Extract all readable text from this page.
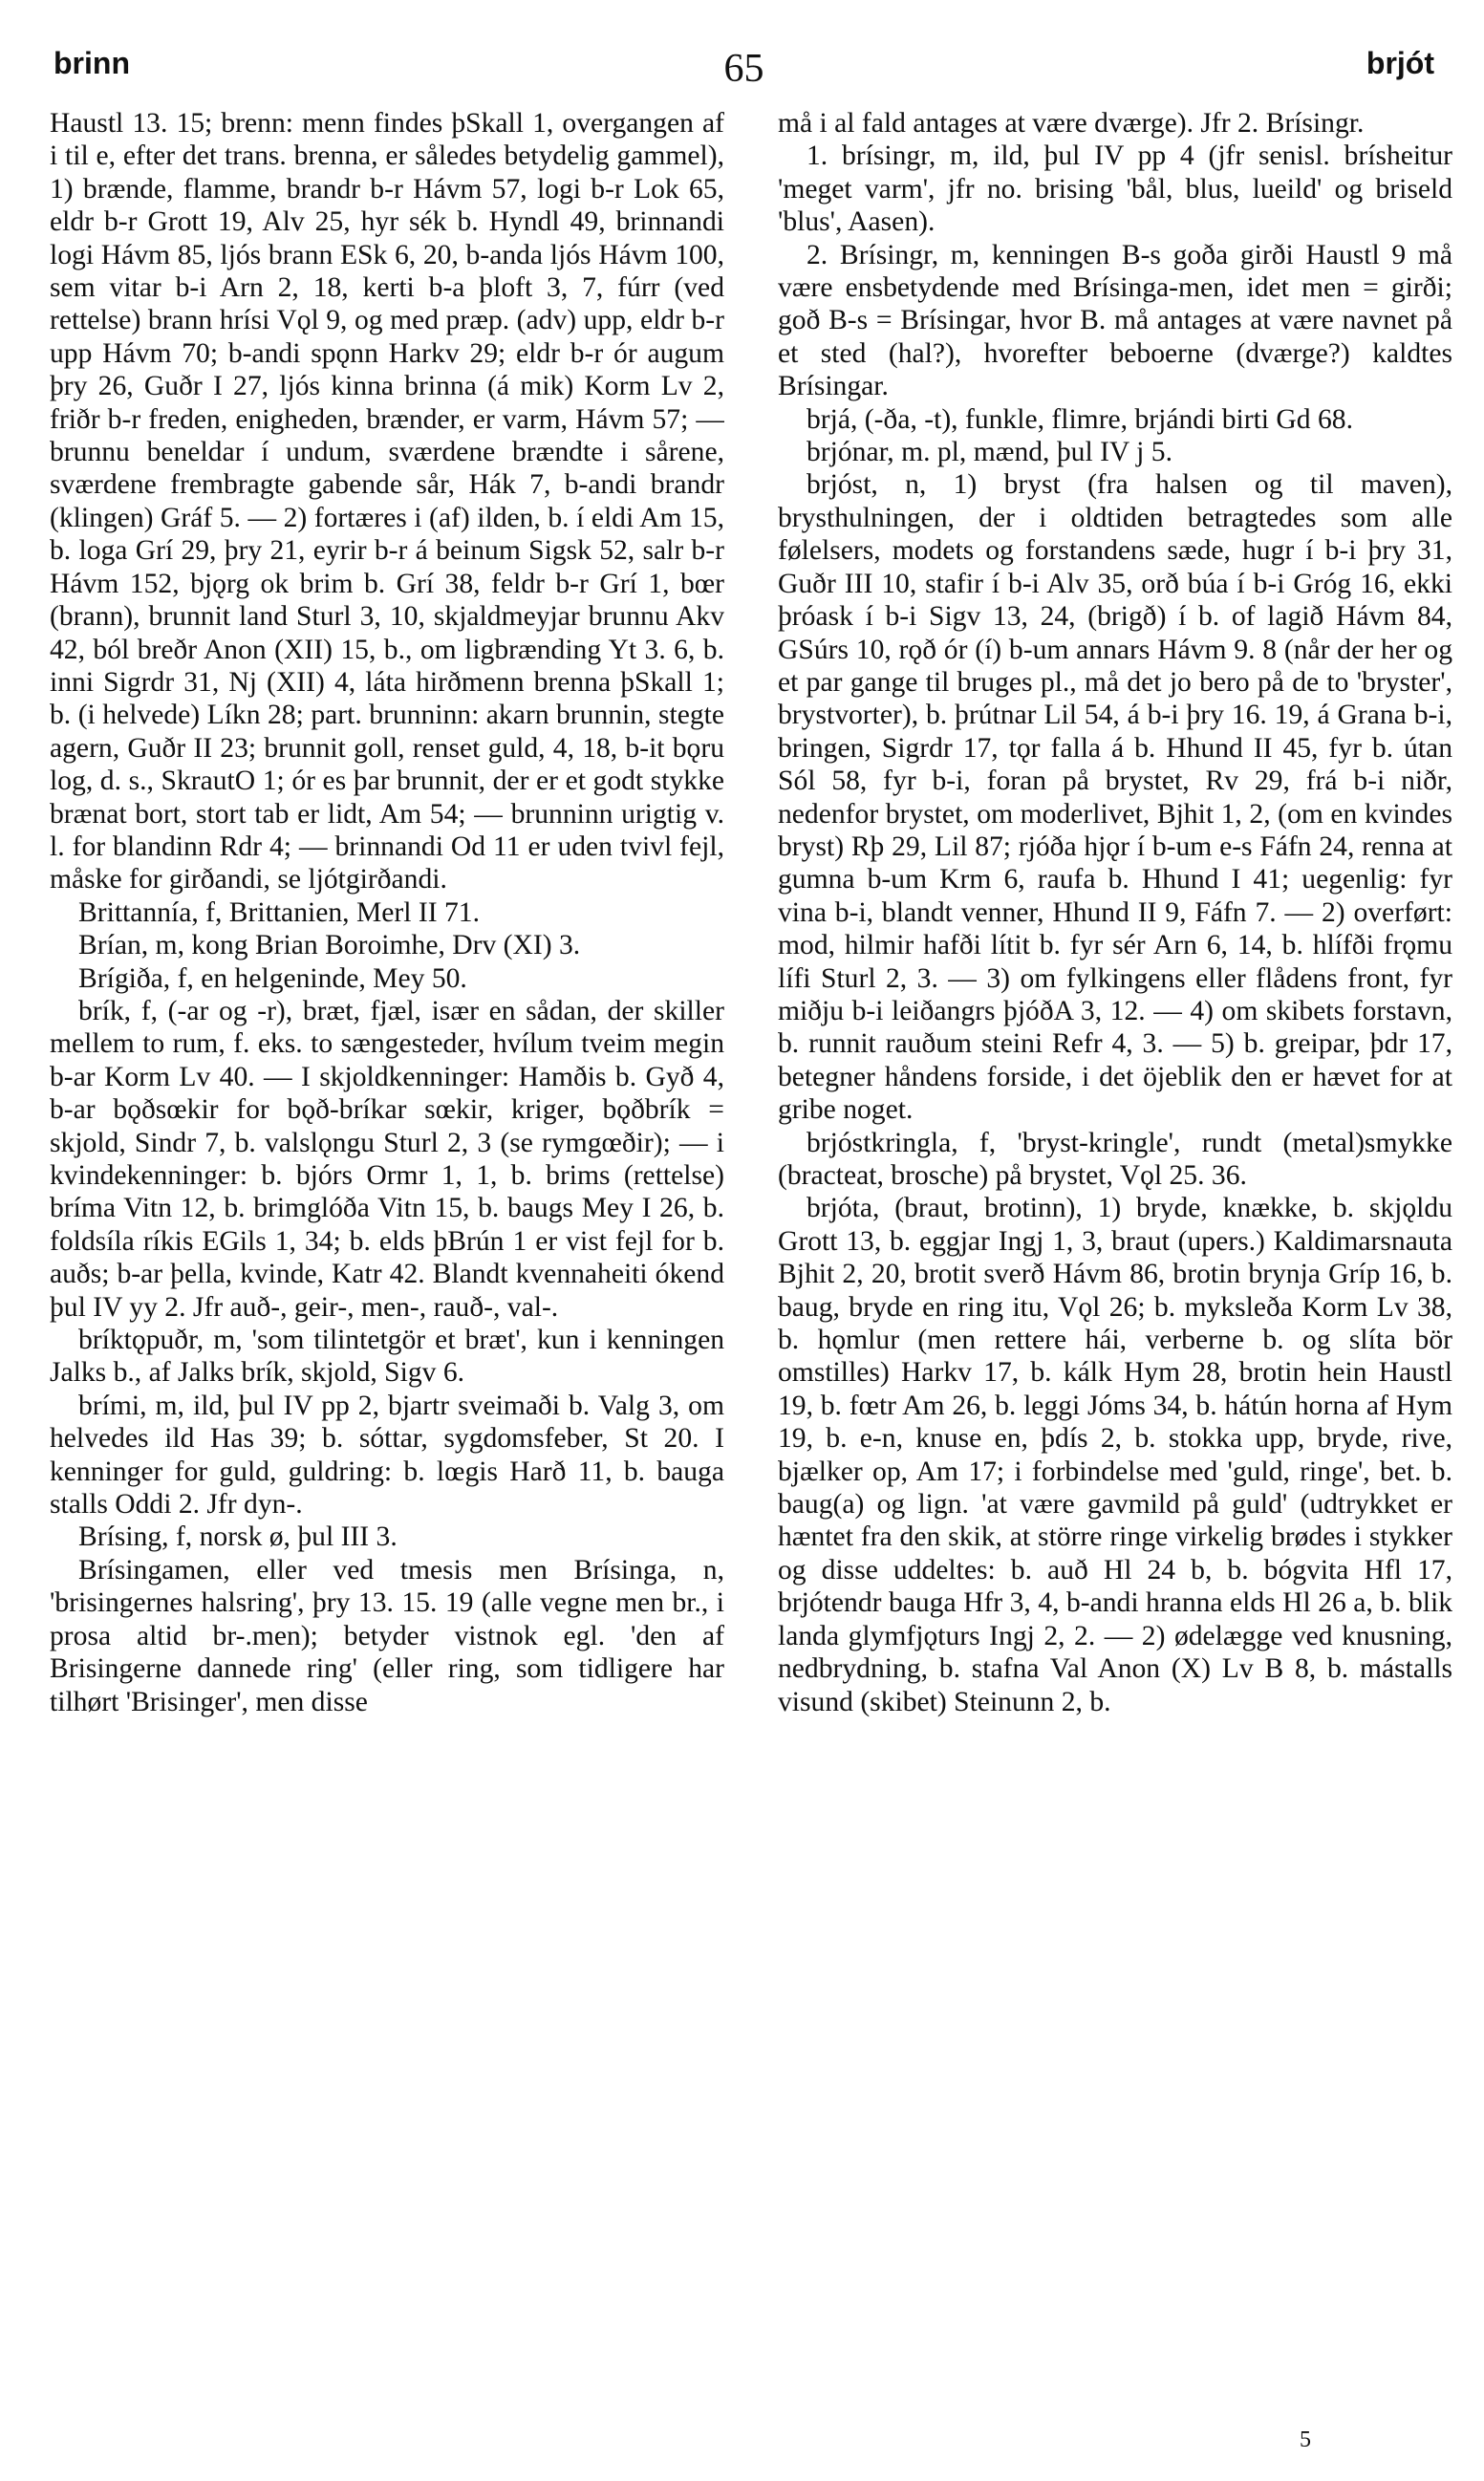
brinn	65	brjót

Haustl 13. 15; brenn: menn findes þSkall 1, overgangen af i til e, efter det trans. brenna, er således betydelig gammel), 1) brænde, flamme, brandr b-r Hávm 57, logi b-r Lok 65, eldr b-r Grott 19, Alv 25, hyr sék b. Hyndl 49, brinnandi logi Hávm 85, ljós brann ESk 6, 20, b-anda ljós Hávm 100, sem vitar b-i Arn 2, 18, kerti b-a þloft 3, 7, fúrr (ved rettelse) brann hrísi Vǫl 9, og med præp. (adv) upp, eldr b-r upp Hávm 70; b-andi spǫnn Harkv 29; eldr b-r ór augum þry 26, Guðr I 27, ljós kinna brinna (á mik) Korm Lv 2, friðr b-r freden, enigheden, brænder, er varm, Hávm 57; — brunnu beneldar í undum, sværdene brændte i sårene, sværdene frembragte gabende sår, Hák 7, b-andi brandr (klingen) Gráf 5. — 2) fortæres i (af) ilden, b. í eldi Am 15, b. loga Grí 29, þry 21, eyrir b-r á beinum Sigsk 52, salr b-r Hávm 152, bjǫrg ok brim b. Grí 38, feldr b-r Grí 1, bœr (brann), brunnit land Sturl 3, 10, skjaldmeyjar brunnu Akv 42, ból breðr Anon (XII) 15, b., om ligbrænding Yt 3. 6, b. inni Sigrdr 31, Nj (XII) 4, láta hirðmenn brenna þSkall 1; b. (i helvede) Líkn 28; part. brunninn: akarn brunnin, stegte agern, Guðr II 23; brunnit goll, renset guld, 4, 18, b-it bǫru log, d. s., SkrautO 1; ór es þar brunnit, der er et godt stykke brænat bort, stort tab er lidt, Am 54; — brunninn urigtig v. l. for blandinn Rdr 4; — brinnandi Od 11 er uden tvivl fejl, måske for girðandi, se ljótgirðandi.

Brittannía, f, Brittanien, Merl II 71.

Brían, m, kong Brian Boroimhe, Drv (XI) 3.

Brígiða, f, en helgeninde, Mey 50.

brík, f, (-ar og -r), bræt, fjæl, især en sådan, der skiller mellem to rum, f. eks. to sængesteder, hvílum tveim megin b-ar Korm Lv 40. — I skjoldkenninger: Hamðis b. Gyð 4, b-ar bǫðsœkir for bǫð-bríkar sœkir, kriger, bǫðbrík = skjold, Sindr 7, b. valslǫngu Sturl 2, 3 (se rymgœðir); — i kvindekenninger: b. bjórs Ormr 1, 1, b. brims (rettelse) bríma Vitn 12, b. brimglóða Vitn 15, b. baugs Mey I 26, b. foldsíla ríkis EGils 1, 34; b. elds þBrún 1 er vist fejl for b. auðs; b-ar þella, kvinde, Katr 42. Blandt kvennaheiti ókend þul IV yy 2. Jfr auð-, geir-, men-, rauð-, val-.

bríktǫpuðr, m, 'som tilintetgör et bræt', kun i kenningen Jalks b., af Jalks brík, skjold, Sigv 6.

brími, m, ild, þul IV pp 2, bjartr sveimaði b. Valg 3, om helvedes ild Has 39; b. sóttar, sygdomsfeber, St 20. I kenninger for guld, guldring: b. lœgis Harð 11, b. bauga stalls Oddi 2. Jfr dyn-.

Brísing, f, norsk ø, þul III 3.

Brísingamen, eller ved tmesis men Brísinga, n, 'brisingernes halsring', þry 13. 15. 19 (alle vegne men br., i prosa altid br-.men); betyder vistnok egl. 'den af Brisingerne dannede ring' (eller ring, som tidligere har tilhørt 'Brisinger', men disse

må i al fald antages at være dværge). Jfr 2. Brísingr.

1. brísingr, m, ild, þul IV pp 4 (jfr senisl. brísheitur 'meget varm', jfr no. brising 'bål, blus, lueild' og briseld 'blus', Aasen).

2. Brísingr, m, kenningen B-s goða girði Haustl 9 må være ensbetydende med Brísinga-men, idet men = girði; goð B-s = Brísingar, hvor B. må antages at være navnet på et sted (hal?), hvorefter beboerne (dværge?) kaldtes Brísingar.

brjá, (-ða, -t), funkle, flimre, brjándi birti Gd 68.

brjónar, m. pl, mænd, þul IV j 5.

brjóst, n, 1) bryst (fra halsen og til maven), brysthulningen, der i oldtiden betragtedes som alle følelsers, modets og forstandens sæde, hugr í b-i þry 31, Guðr III 10, stafir í b-i Alv 35, orð búa í b-i Gróg 16, ekki þróask í b-i Sigv 13, 24, (brigð) í b. of lagið Hávm 84, GSúrs 10, rǫð ór (í) b-um annars Hávm 9. 8 (når der her og et par gange til bruges pl., må det jo bero på de to 'bryster', brystvorter), b. þrútnar Lil 54, á b-i þry 16. 19, á Grana b-i, bringen, Sigrdr 17, tǫr falla á b. Hhund II 45, fyr b. útan Sól 58, fyr b-i, foran på brystet, Rv 29, frá b-i niðr, nedenfor brystet, om moderlivet, Bjhit 1, 2, (om en kvindes bryst) Rþ 29, Lil 87; rjóða hjǫr í b-um e-s Fáfn 24, renna at gumna b-um Krm 6, raufa b. Hhund I 41; uegenlig: fyr vina b-i, blandt venner, Hhund II 9, Fáfn 7. — 2) overført: mod, hilmir hafði lítit b. fyr sér Arn 6, 14, b. hlífði frǫmu lífi Sturl 2, 3. — 3) om fylkingens eller flådens front, fyr miðju b-i leiðangrs þjóðA 3, 12. — 4) om skibets forstavn, b. runnit rauðum steini Refr 4, 3. — 5) b. greipar, þdr 17, betegner håndens forside, i det öjeblik den er hævet for at gribe noget.

brjóstkringla, f, 'bryst-kringle', rundt (metal)smykke (bracteat, brosche) på brystet, Vǫl 25. 36.

brjóta, (braut, brotinn), 1) bryde, knække, b. skjǫldu Grott 13, b. eggjar Ingj 1, 3, braut (upers.) Kaldimarsnauta Bjhit 2, 20, brotit sverð Hávm 86, brotin brynja Gríp 16, b. baug, bryde en ring itu, Vǫl 26; b. myksleða Korm Lv 38, b. hǫmlur (men rettere hái, verberne b. og slíta bör omstilles) Harkv 17, b. kálk Hym 28, brotin hein Haustl 19, b. fœtr Am 26, b. leggi Jóms 34, b. hátún horna af Hym 19, b. e-n, knuse en, þdís 2, b. stokka upp, bryde, rive, bjælker op, Am 17; i forbindelse med 'guld, ringe', bet. b. baug(a) og lign. 'at være gavmild på guld' (udtrykket er hæntet fra den skik, at större ringe virkelig brødes i stykker og disse uddeltes: b. auð Hl 24 b, b. bógvita Hfl 17, brjótendr bauga Hfr 3, 4, b-andi hranna elds Hl 26 a, b. blik landa glymfjǫturs Ingj 2, 2. — 2) ødelægge ved knusning, nedbrydning, b. stafna Val Anon (X) Lv B 8, b. mástalls visund (skibet) Steinunn 2, b.

5
